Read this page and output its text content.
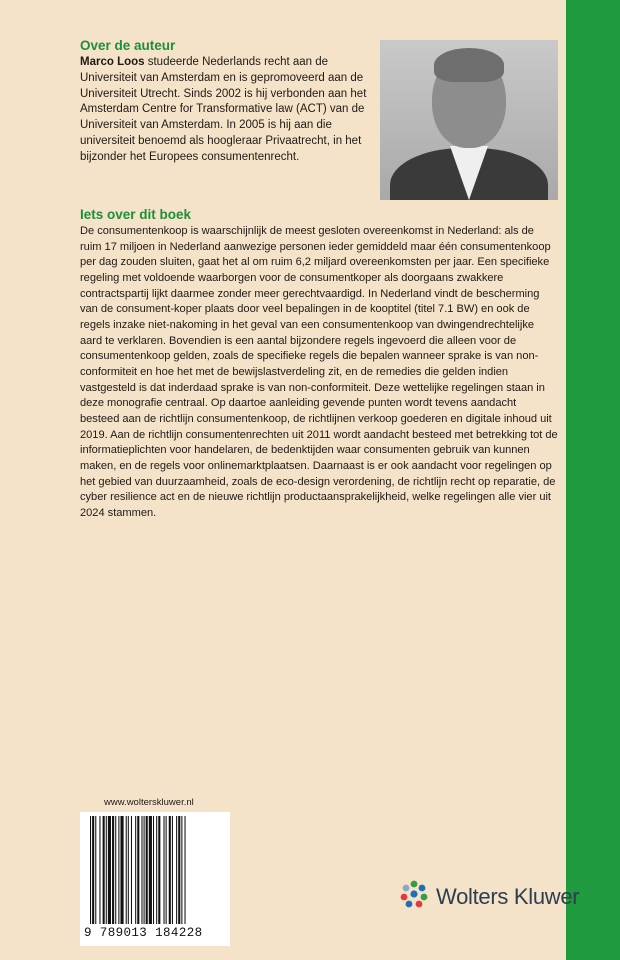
Over de auteur

Marco Loos studeerde Nederlands recht aan de Universiteit van Amsterdam en is gepromoveerd aan de Universiteit Utrecht. Sinds 2002 is hij verbonden aan het Amsterdam Centre for Transformative law (ACT) van de Universiteit van Amsterdam. In 2005 is hij aan die universiteit benoemd als hoogleraar Privaatrecht, in het bijzonder het Europees consumentenrecht.

Iets over dit boek

De consumentenkoop is waarschijnlijk de meest gesloten overeenkomst in Nederland: als de ruim 17 miljoen in Nederland aanwezige personen ieder gemiddeld maar één consumentenkoop per dag zouden sluiten, gaat het al om ruim 6,2 miljard overeenkomsten per jaar. Een specifieke regeling met voldoende waarborgen voor de consumentkoper als doorgaans zwakkere contractspartij lijkt daarmee zonder meer gerechtvaardigd. In Nederland vindt de bescherming van de consument-koper plaats door veel bepalingen in de kooptitel (titel 7.1 BW) en ook de regels inzake niet-nakoming in het geval van een consumentenkoop van dwingendrechtelijke aard te verklaren. Bovendien is een aantal bijzondere regels ingevoerd die alleen voor de consumentenkoop gelden, zoals de specifieke regels die bepalen wanneer sprake is van non-conformiteit en hoe het met de bewijslastverdeling zit, en de remedies die gelden indien vastgesteld is dat inderdaad sprake is van non-conformiteit. Deze wettelijke regelingen staan in deze monografie centraal. Op daartoe aanleiding gevende punten wordt tevens aandacht besteed aan de richtlijn consumentenkoop, de richtlijnen verkoop goederen en digitale inhoud uit 2019. Aan de richtlijn consumentenrechten uit 2011 wordt aandacht besteed met betrekking tot de informatieplichten voor handelaren, de bedenktijden waar consumenten gebruik van kunnen maken, en de regels voor onlinemarktplaatsen. Daarnaast is er ook aandacht voor regelingen op het gebied van duurzaamheid, zoals de eco-design verordening, de richtlijn recht op reparatie, de cyber resilience act en de nieuwe richtlijn productaansprakelijkheid, welke regelingen alle vier uit 2024 stammen.

www.wolterskluwer.nl

9 789013 184228

Wolters Kluwer
